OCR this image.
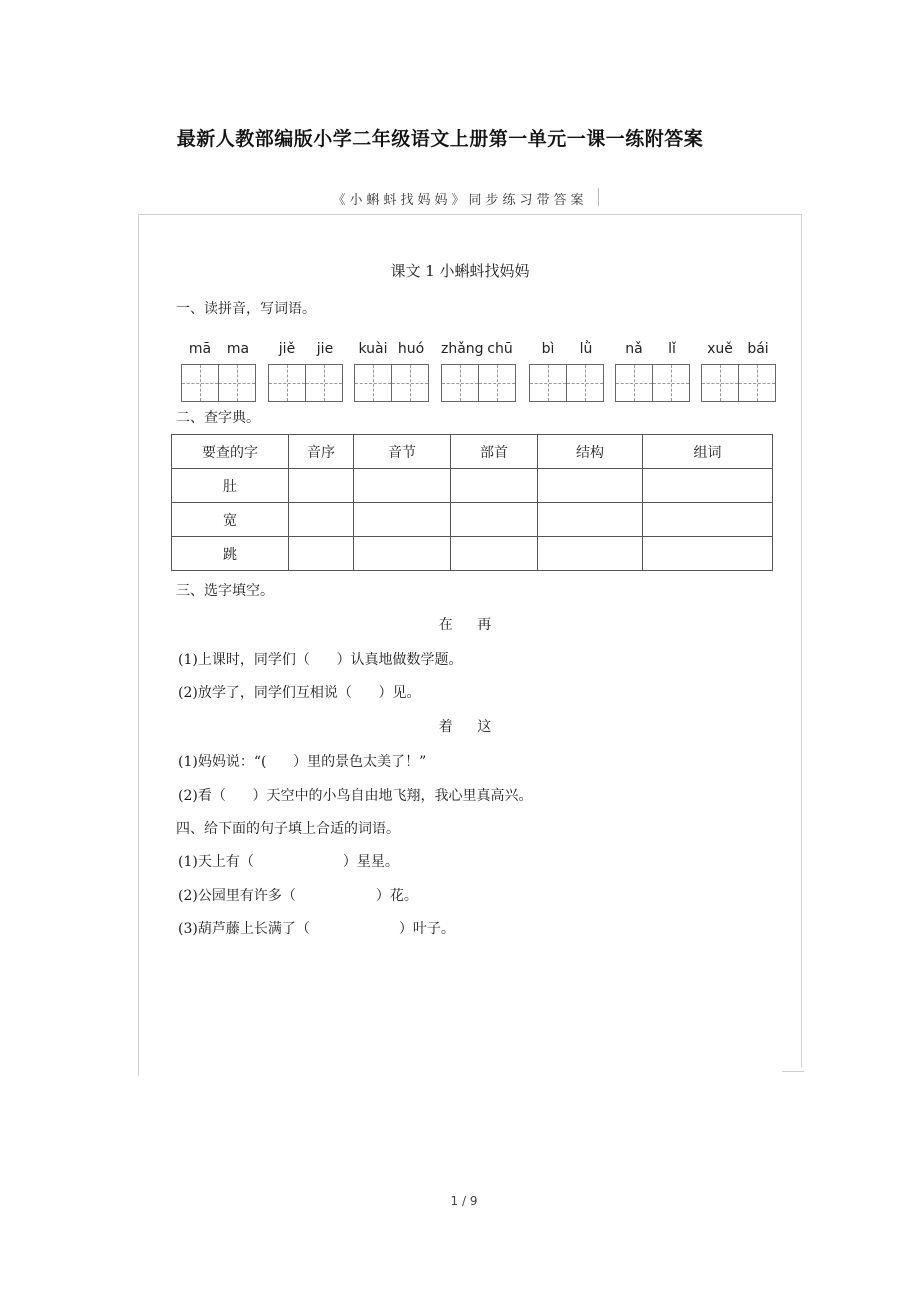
最新人教部编版小学二年级语文上册第一单元一课一练附答案
《小蝌蚪找妈妈》同步练习带答案
课文 1 小蝌蚪找妈妈
一、读拼音，写词语。
mā ma	jiě jie	kuài huó	zhǎng chū	bì lǜ	nǎ lǐ	xuě bái
二、查字典。
要查的字	音序	音节	部首	结构	组词
肚					
宽					
跳					
三、选字填空。
在 再
(1)上课时，同学们（      ）认真地做数学题。
(2)放学了，同学们互相说（      ）见。
着 这
(1)妈妈说：“(      ）里的景色太美了！”
(2)看（      ）天空中的小鸟自由地飞翔，我心里真高兴。
四、给下面的句子填上合适的词语。
(1)天上有（                    ）星星。
(2)公园里有许多（                  ）花。
(3)葫芦藤上长满了（                    ）叶子。
1 / 9
